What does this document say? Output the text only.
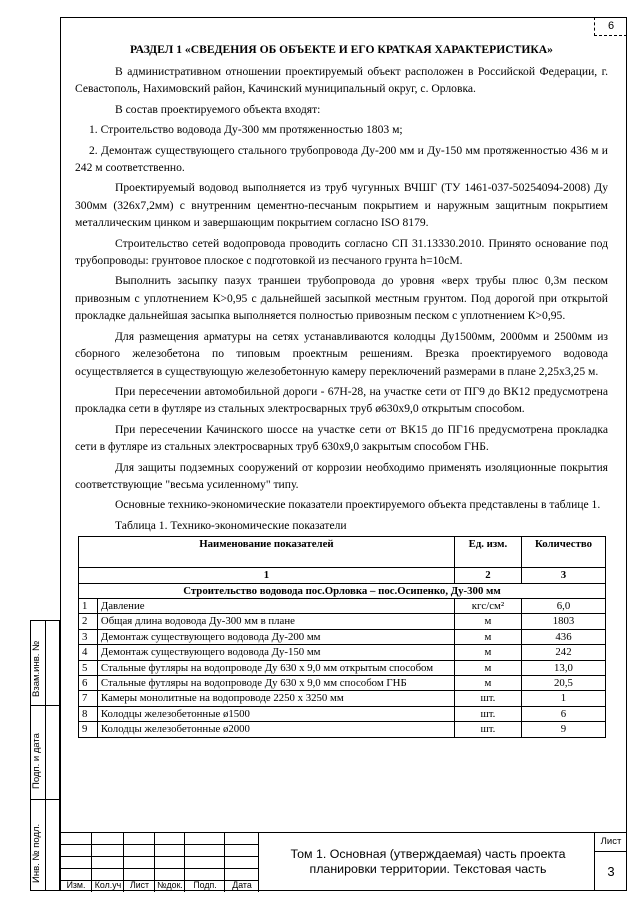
6
РАЗДЕЛ 1 «СВЕДЕНИЯ ОБ ОБЪЕКТЕ И ЕГО КРАТКАЯ ХАРАКТЕРИСТИКА»

В административном отношении проектируемый объект расположен в Российской Федерации, г. Севастополь, Нахимовский район, Качинский муниципальный округ, с. Орловка.

В состав проектируемого объекта входят:

1. Строительство водовода Ду-300 мм протяженностью 1803 м;

2. Демонтаж существующего стального трубопровода Ду-200 мм и Ду-150 мм протяженностью 436 м и 242 м соответственно.

Проектируемый водовод выполняется из труб чугунных ВЧШГ (ТУ 1461-037-50254094-2008) Ду 300мм (326х7,2мм) с внутренним цементно-песчаным покрытием и наружным защитным покрытием металлическим цинком и завершающим покрытием согласно ISO 8179.

Строительство сетей водопровода проводить согласно СП 31.13330.2010. Принято основание под трубопроводы: грунтовое плоское с подготовкой из песчаного грунта h=10cM.

Выполнить засыпку пазух траншеи трубопровода до уровня «верх трубы плюс 0,3м песком привозным с уплотнением К>0,95 с дальнейшей засыпкой местным грунтом. Под дорогой при открытой прокладке дальнейшая засыпка выполняется полностью привозным песком с уплотнением К>0,95.

Для размещения арматуры на сетях устанавливаются колодцы Ду1500мм, 2000мм и 2500мм из сборного железобетона по типовым проектным решениям. Врезка проектируемого водовода осуществляется в существующую железобетонную камеру переключений размерами в плане 2,25х3,25 м.

При пересечении автомобильной дороги - 67Н-28, на участке сети от ПГ9 до ВК12 предусмотрена прокладка сети в футляре из стальных электросварных труб ø630х9,0 открытым способом.

При пересечении Качинского шоссе на участке сети от ВК15 до ПГ16 предусмотрена прокладка сети в футляре из стальных электросварных труб 630х9,0 закрытым способом ГНБ.

Для защиты подземных сооружений от коррозии необходимо применять изоляционные покрытия соответствующие "весьма усиленному" типу.

Основные технико-экономические показатели проектируемого объекта представлены в таблице 1.

Таблица 1. Технико-экономические показатели
Наименование показателей		Ед. изм.	Количество
1		2	3
Строительство водовода пос.Орловка – пос.Осипенко, Ду-300 мм			
1	Давление	кгс/см²	6,0
2	Общая длина водовода Ду-300 мм в плане	м	1803
3	Демонтаж существующего водовода Ду-200 мм	м	436
4	Демонтаж существующего водовода Ду-150 мм	м	242
5	Стальные футляры на водопроводе Ду 630 х 9,0 мм открытым способом	м	13,0
6	Стальные футляры на водопроводе Ду 630 х 9,0 мм способом ГНБ	м	20,5
7	Камеры монолитные на водопроводе 2250 х 3250 мм	шт.	1
8	Колодцы железобетонные ø1500	шт.	6
9	Колодцы железобетонные ø2000	шт.	9
Взам.инв. №
Подп. и дата
Инв. № подл.
Изм.	Кол.уч Лист №док.	Подп.	Дата
Том 1. Основная (утверждаемая) часть проекта планировки территории. Текстовая часть
Лист
3
